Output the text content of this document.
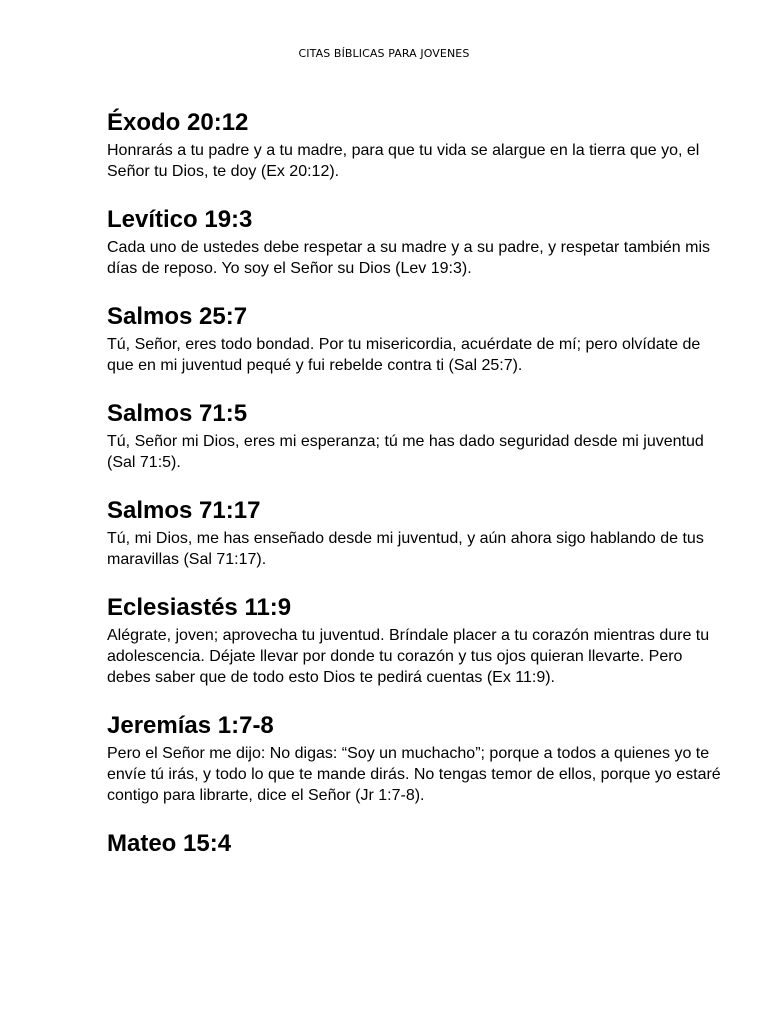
CITAS BÍBLICAS PARA JOVENES
Éxodo 20:12

Honrarás a tu padre y a tu madre, para que tu vida se alargue en la tierra que yo, el Señor tu Dios, te doy (Ex 20:12).

Levítico 19:3

Cada uno de ustedes debe respetar a su madre y a su padre, y respetar también mis días de reposo. Yo soy el Señor su Dios (Lev 19:3).

Salmos 25:7

Tú, Señor, eres todo bondad. Por tu misericordia, acuérdate de mí; pero olvídate de que en mi juventud pequé y fui rebelde contra ti (Sal 25:7).

Salmos 71:5

Tú, Señor mi Dios, eres mi esperanza; tú me has dado seguridad desde mi juventud (Sal 71:5).

Salmos 71:17

Tú, mi Dios, me has enseñado desde mi juventud, y aún ahora sigo hablando de tus maravillas (Sal 71:17).

Eclesiastés 11:9

Alégrate, joven; aprovecha tu juventud. Bríndale placer a tu corazón mientras dure tu adolescencia. Déjate llevar por donde tu corazón y tus ojos quieran llevarte. Pero debes saber que de todo esto Dios te pedirá cuentas (Ex 11:9).

Jeremías 1:7-8

Pero el Señor me dijo: No digas: “Soy un muchacho”; porque a todos a quienes yo te envíe tú irás, y todo lo que te mande dirás. No tengas temor de ellos, porque yo estaré contigo para librarte, dice el Señor (Jr 1:7-8).

Mateo 15:4
